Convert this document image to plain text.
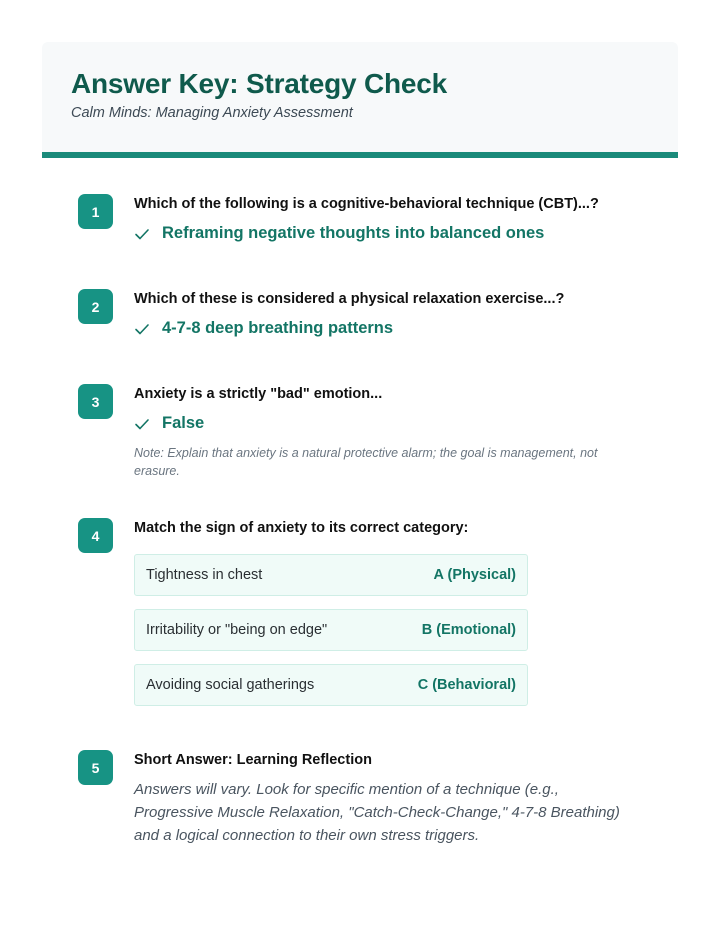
Answer Key: Strategy Check

Calm Minds: Managing Anxiety Assessment

1	Which of the following is a cognitive-behavioral technique (CBT)...?
Reframing negative thoughts into balanced ones
2	Which of these is considered a physical relaxation exercise...?
4-7-8 deep breathing patterns
3	Anxiety is a strictly "bad" emotion...
False
Note: Explain that anxiety is a natural protective alarm; the goal is management, not erasure.
4	Match the sign of anxiety to its correct category:
Tightness in chest	A (Physical)
Irritability or "being on edge"	B (Emotional)
Avoiding social gatherings	C (Behavioral)
5	Short Answer: Learning Reflection
Answers will vary. Look for specific mention of a technique (e.g., Progressive Muscle Relaxation, "Catch-Check-Change," 4-7-8 Breathing) and a logical connection to their own stress triggers.
